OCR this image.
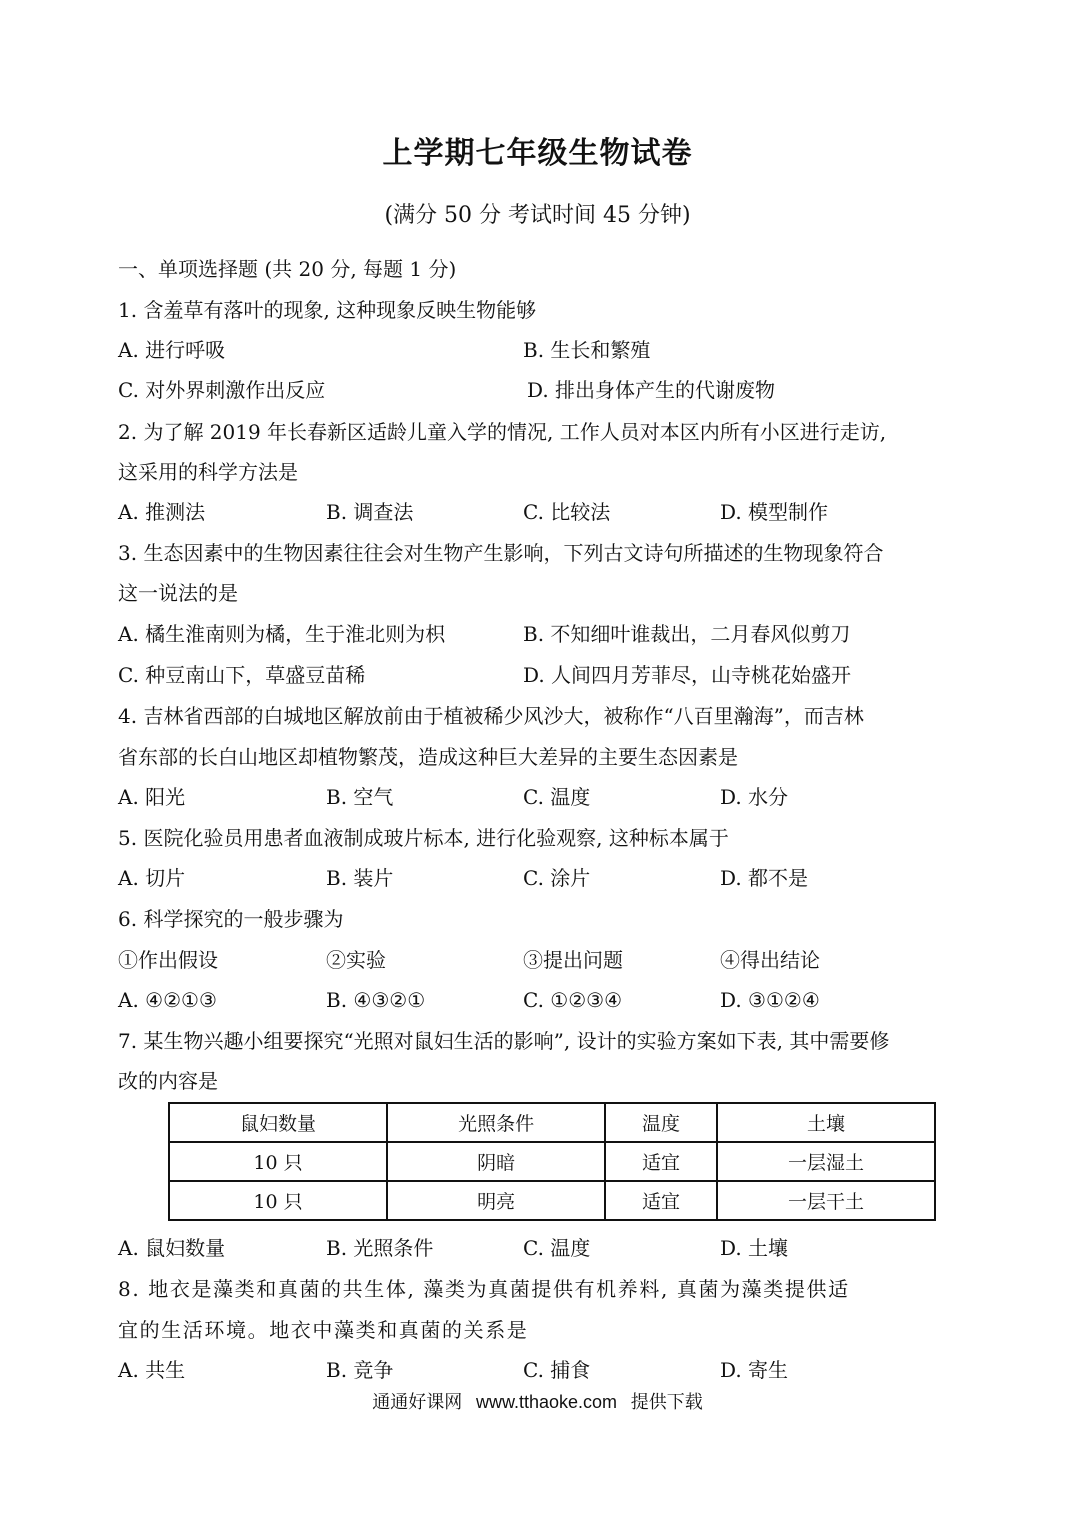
上学期七年级生物试卷
(满分 50 分 考试时间 45 分钟)
一、单项选择题 (共 20 分, 每题 1 分)
1. 含羞草有落叶的现象, 这种现象反映生物能够
A. 进行呼吸	B. 生长和繁殖
C. 对外界刺激作出反应	D. 排出身体产生的代谢废物
2. 为了解 2019 年长春新区适龄儿童入学的情况, 工作人员对本区内所有小区进行走访,
这采用的科学方法是
A. 推测法	B. 调查法	C. 比较法	D. 模型制作
3. 生态因素中的生物因素往往会对生物产生影响，下列古文诗句所描述的生物现象符合
这一说法的是
A. 橘生淮南则为橘，生于淮北则为枳	B. 不知细叶谁裁出，二月春风似剪刀
C. 种豆南山下，草盛豆苗稀	D. 人间四月芳菲尽，山寺桃花始盛开
4. 吉林省西部的白城地区解放前由于植被稀少风沙大，被称作“八百里瀚海”，而吉林
省东部的长白山地区却植物繁茂，造成这种巨大差异的主要生态因素是
A. 阳光	B. 空气	C. 温度	D. 水分
5. 医院化验员用患者血液制成玻片标本, 进行化验观察, 这种标本属于
A. 切片	B. 装片	C. 涂片	D. 都不是
6. 科学探究的一般步骤为
①作出假设	②实验	③提出问题	④得出结论
A. ④②①③	B. ④③②①	C. ①②③④	D. ③①②④
7. 某生物兴趣小组要探究“光照对鼠妇生活的影响”, 设计的实验方案如下表, 其中需要修
改的内容是
鼠妇数量	光照条件	温度	土壤
10 只	阴暗	适宜	一层湿土
10 只	明亮	适宜	一层干土
A. 鼠妇数量	B. 光照条件	C. 温度	D. 土壤
8. 地衣是藻类和真菌的共生体, 藻类为真菌提供有机养料, 真菌为藻类提供适
宜的生活环境。地衣中藻类和真菌的关系是
A. 共生	B. 竞争	C. 捕食	D. 寄生
通通好课网 www.tthaoke.com 提供下载
